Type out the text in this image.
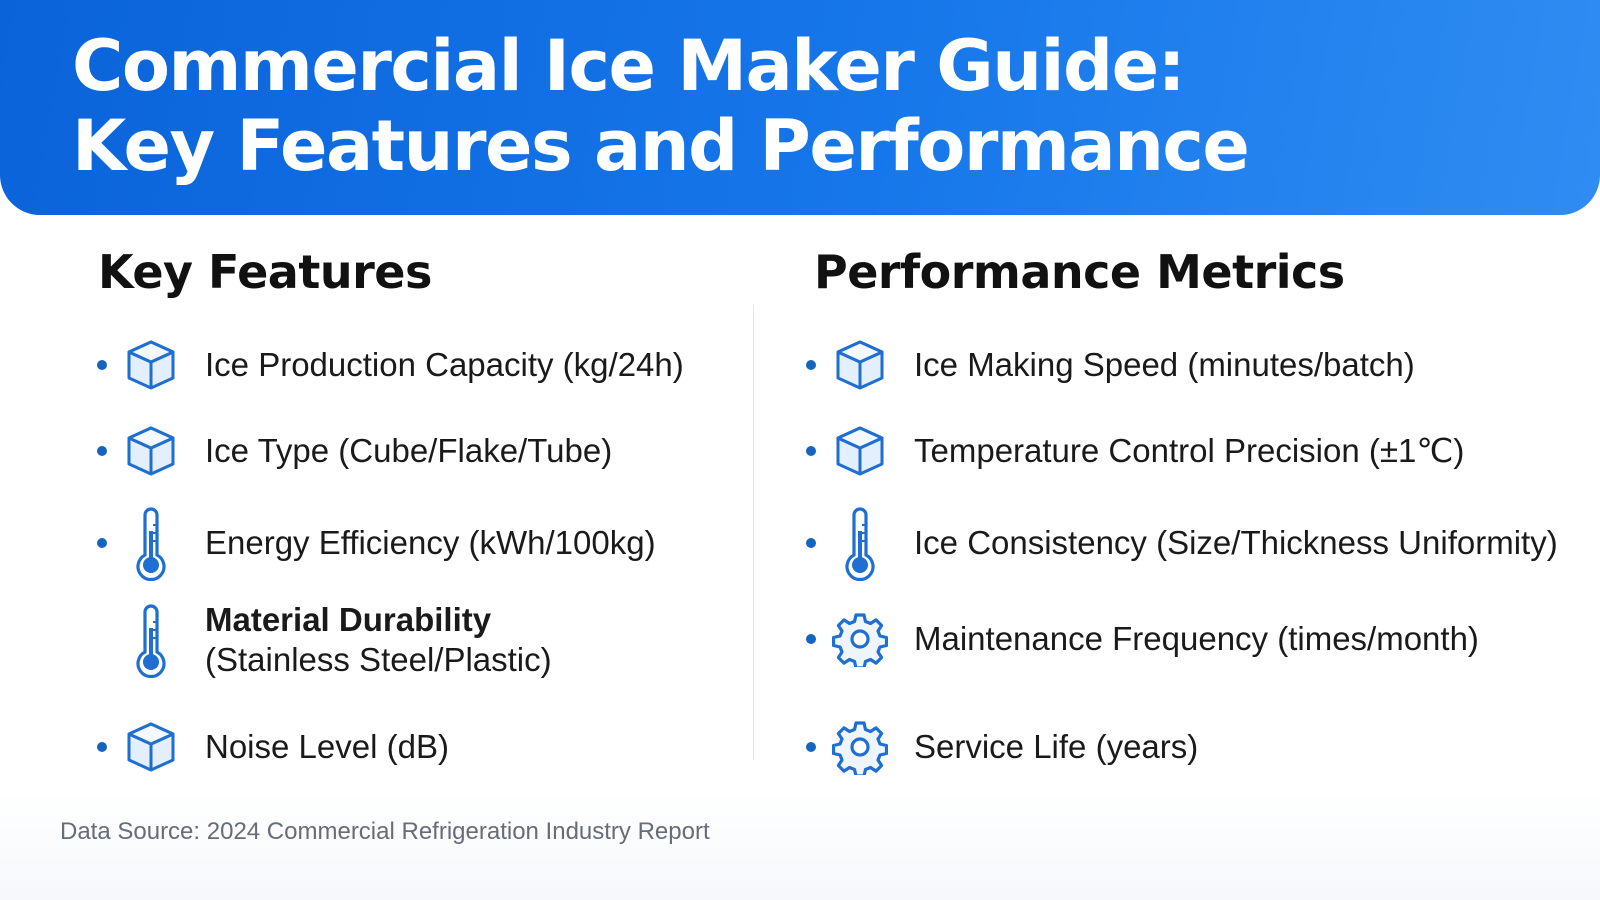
Commercial Ice Maker Guide:
Key Features and Performance
Key Features	Performance Metrics
Ice Production Capacity (kg/24h)
Ice Type (Cube/Flake/Tube)
Energy Efficiency (kWh/100kg)
Material Durability
(Stainless Steel/Plastic)
Noise Level (dB)
Ice Making Speed (minutes/batch)
Temperature Control Precision (±1℃)
Ice Consistency (Size/Thickness Uniformity)
Maintenance Frequency (times/month)
Service Life (years)

Data Source: 2024 Commercial Refrigeration Industry Report
